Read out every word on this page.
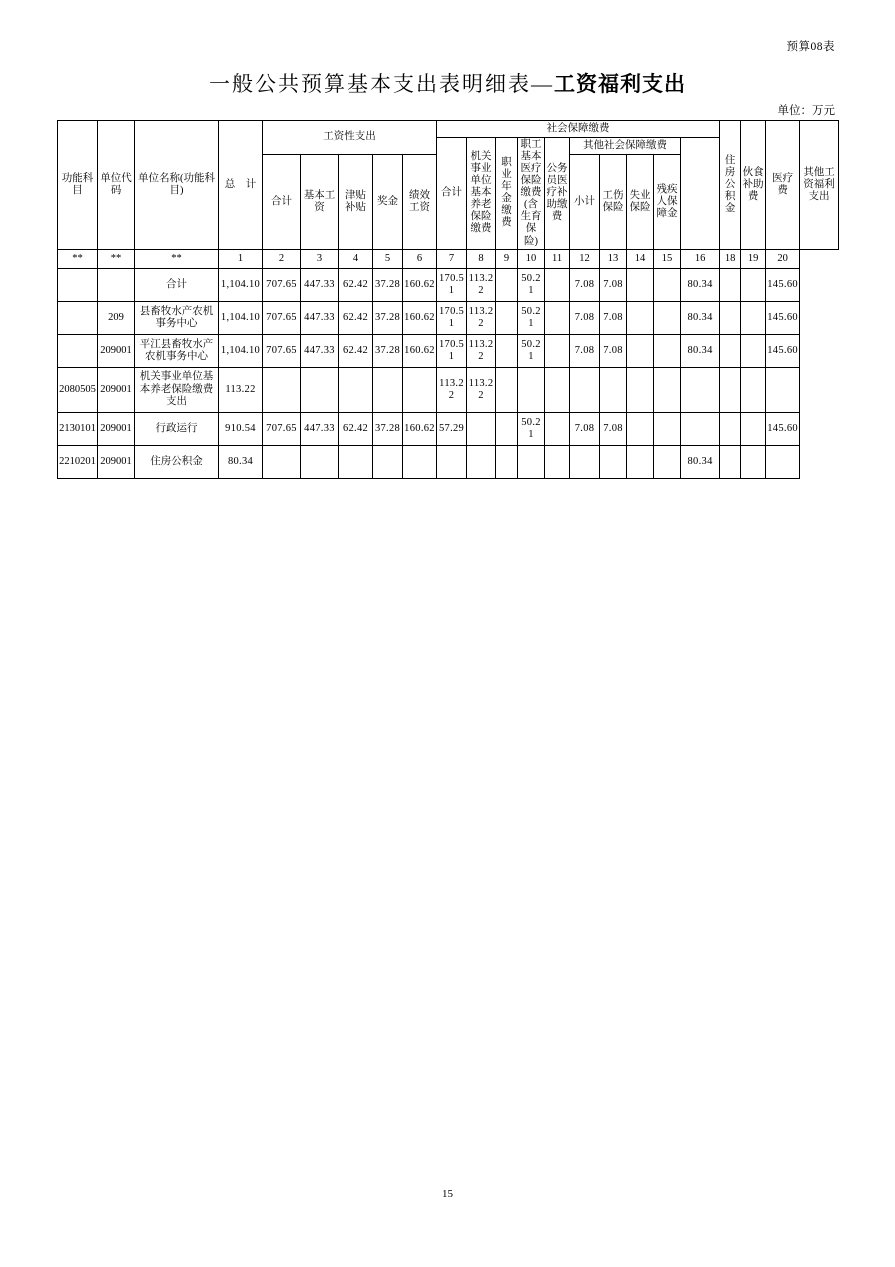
预算08表
一般公共预算基本支出表明细表—工资福利支出
单位：万元
功能科目	单位代码	单位名称(功能科目)	总　计	工资性支出					社会保障缴费										住房公积金	伙食补助费	医疗费	其他工资福利支出
									合计	机关事业单位基本养老保险缴费	职业年金缴费	职工基本医疗保险缴费(含生育保险)	公务员医疗补助缴费	其他社会保障缴费								
				合计	基本工资	津贴补贴	奖金	绩效工资						小计	工伤保险	失业保险	残疾人保障金					

**	**	**	1	2	3	4	5	6	7	8	9	10	11	12	13	14	15	16	18	19	20	
		合计	1,104.10	707.65	447.33	62.42	37.28	160.62	170.51	113.22		50.21		7.08	7.08			80.34			145.60	
	209	县畜牧水产农机事务中心	1,104.10	707.65	447.33	62.42	37.28	160.62	170.51	113.22		50.21		7.08	7.08			80.34			145.60	
	209001	平江县畜牧水产农机事务中心	1,104.10	707.65	447.33	62.42	37.28	160.62	170.51	113.22		50.21		7.08	7.08			80.34			145.60	
2080505	209001	机关事业单位基本养老保险缴费支出	113.22						113.22	113.22												
2130101	209001	行政运行	910.54	707.65	447.33	62.42	37.28	160.62	57.29			50.21		7.08	7.08						145.60	
2210201	209001	住房公积金	80.34															80.34				
15
